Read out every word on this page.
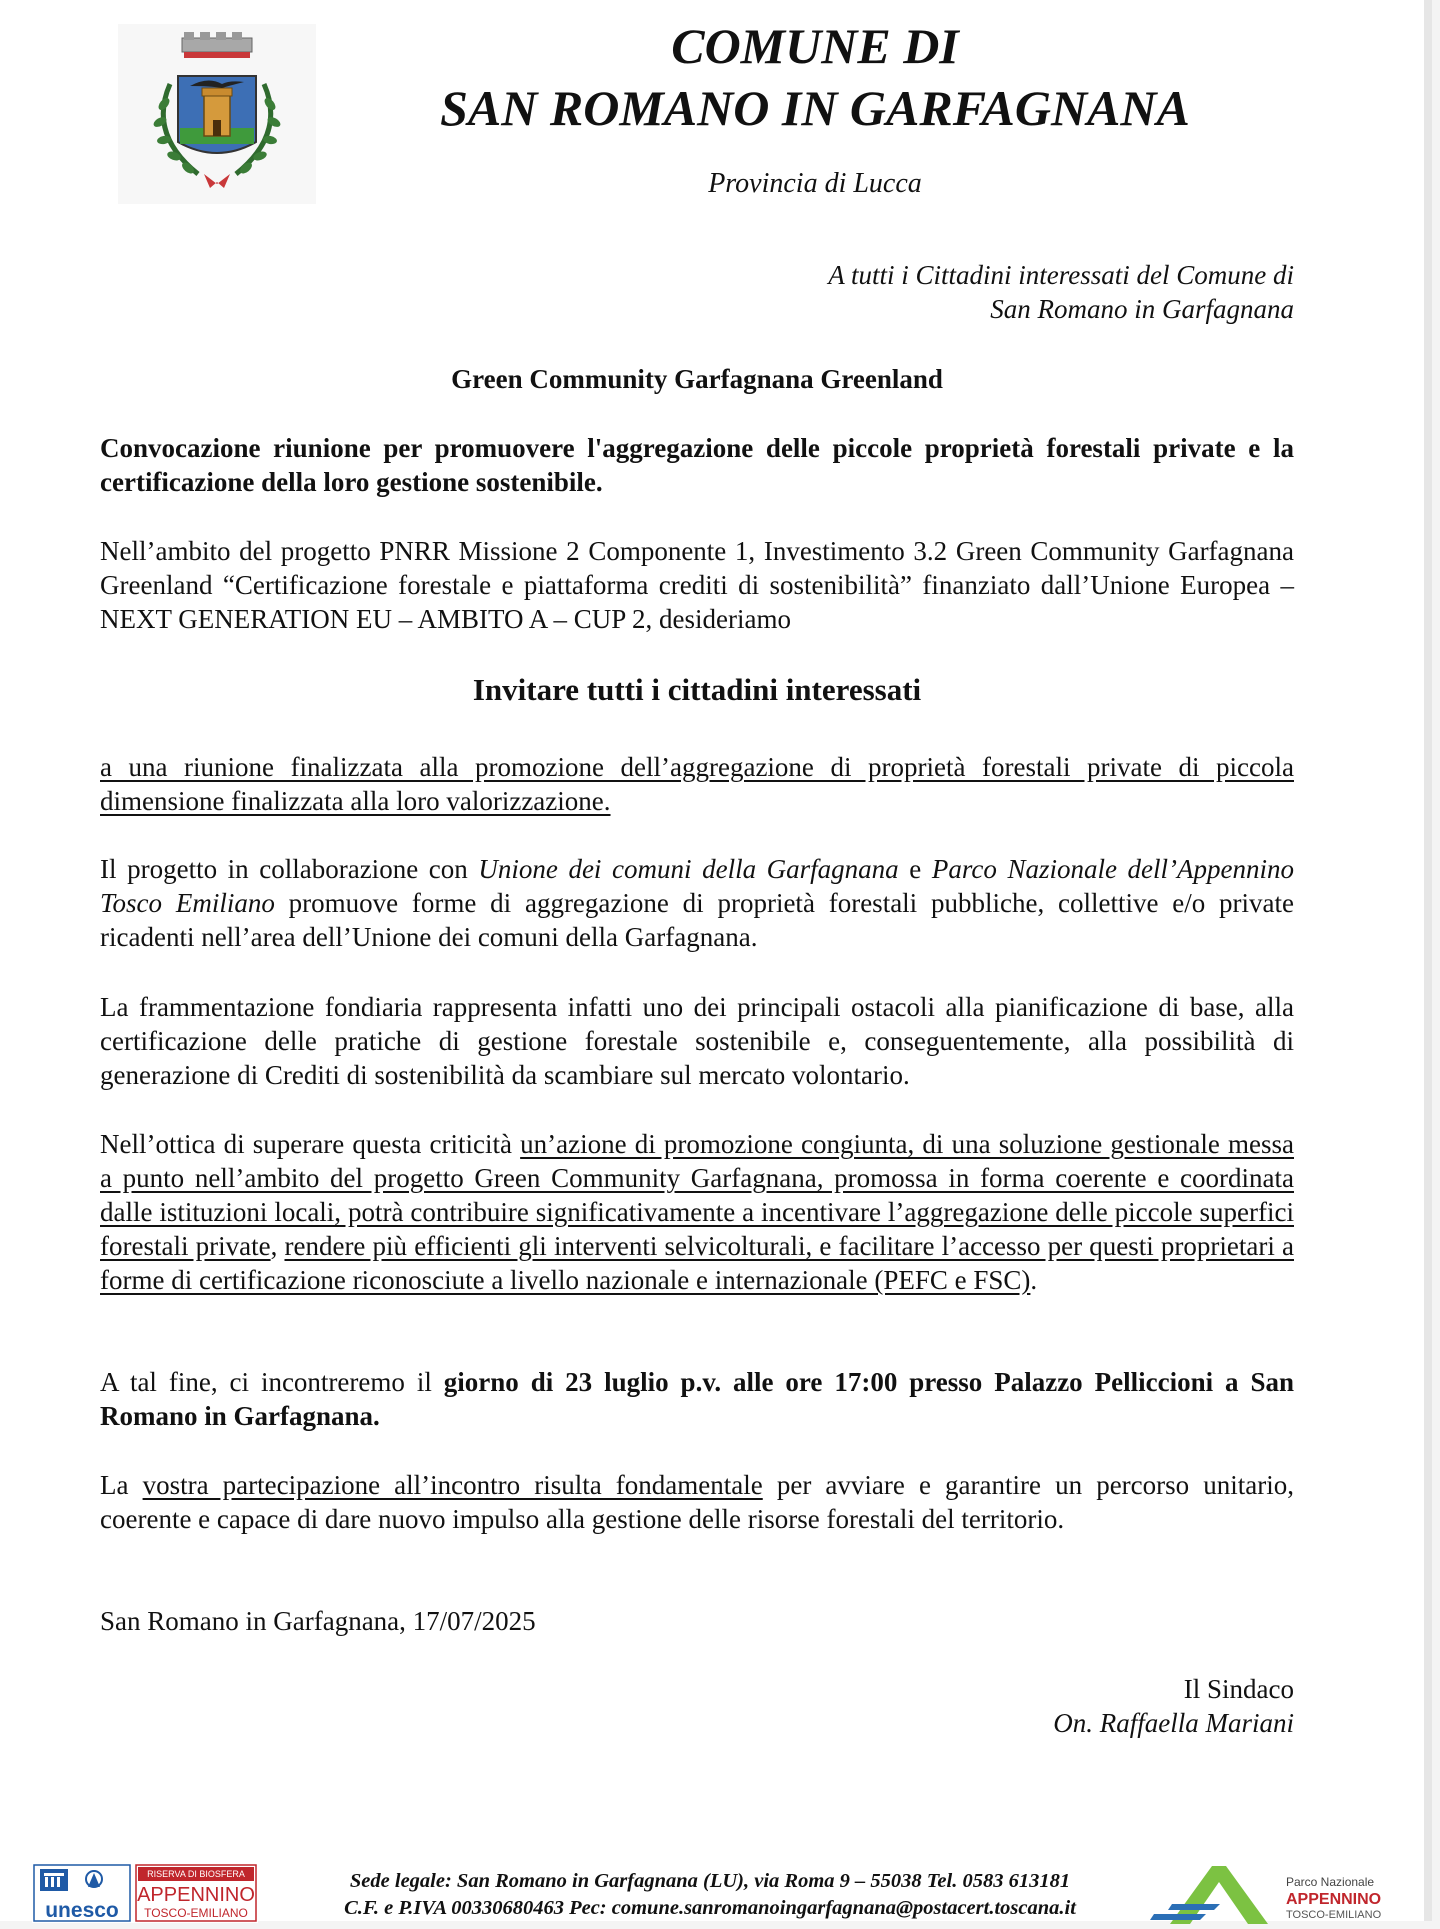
COMUNE DI
SAN ROMANO IN GARFAGNANA
Provincia di Lucca
A tutti i Cittadini interessati del Comune di
San Romano in Garfagnana
Green Community Garfagnana Greenland
Convocazione riunione per promuovere l'aggregazione delle piccole proprietà forestali private e la certificazione della loro gestione sostenibile.
Nell’ambito del progetto PNRR Missione 2 Componente 1, Investimento 3.2 Green Community Garfagnana Greenland “Certificazione forestale e piattaforma crediti di sostenibilità” finanziato dall’Unione Europea – NEXT GENERATION EU – AMBITO A – CUP 2, desideriamo
Invitare tutti i cittadini interessati
a una riunione finalizzata alla promozione dell’aggregazione di proprietà forestali private di piccola dimensione finalizzata alla loro valorizzazione.
Il progetto in collaborazione con Unione dei comuni della Garfagnana e Parco Nazionale dell’Appennino Tosco Emiliano promuove forme di aggregazione di proprietà forestali pubbliche, collettive e/o private ricadenti nell’area dell’Unione dei comuni della Garfagnana.
La frammentazione fondiaria rappresenta infatti uno dei principali ostacoli alla pianificazione di base, alla certificazione delle pratiche di gestione forestale sostenibile e, conseguentemente, alla possibilità di generazione di Crediti di sostenibilità da scambiare sul mercato volontario.
Nell’ottica di superare questa criticità un’azione di promozione congiunta, di una soluzione gestionale messa a punto nell’ambito del progetto Green Community Garfagnana, promossa in forma coerente e coordinata dalle istituzioni locali, potrà contribuire significativamente a incentivare l’aggregazione delle piccole superfici forestali private, rendere più efficienti gli interventi selvicolturali, e facilitare l’accesso per questi proprietari a forme di certificazione riconosciute a livello nazionale e internazionale (PEFC e FSC).
A tal fine, ci incontreremo il giorno di 23 luglio p.v. alle ore 17:00 presso Palazzo Pelliccioni a San Romano in Garfagnana.
La vostra partecipazione all’incontro risulta fondamentale per avviare e garantire un percorso unitario, coerente e capace di dare nuovo impulso alla gestione delle risorse forestali del territorio.
San Romano in Garfagnana, 17/07/2025
Il Sindaco
On. Raffaella Mariani
unesco
RISERVA DI BIOSFERA
APPENNINO
TOSCO-EMILIANO
Sede legale: San Romano in Garfagnana (LU), via Roma 9 – 55038 Tel. 0583 613181
C.F. e P.IVA 00330680463 Pec: comune.sanromanoingarfagnana@postacert.toscana.it
Parco Nazionale
APPENNINO
TOSCO-EMILIANO
